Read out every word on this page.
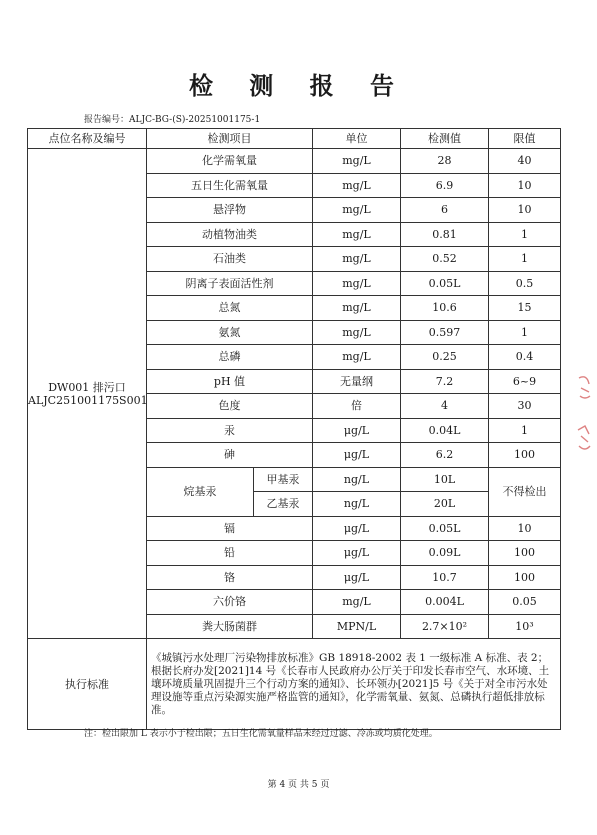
检 测 报 告
报告编号：ALJC-BG-(S)-20251001175-1
点位名称及编号	检测项目		单位	检测值	限值

DW001 排污口
ALJC251001175S001	化学需氧量		mg/L	28	40
	五日生化需氧量		mg/L	6.9	10
	悬浮物		mg/L	6	10
	动植物油类		mg/L	0.81	1
	石油类		mg/L	0.52	1
	阴离子表面活性剂		mg/L	0.05L	0.5
	总氮		mg/L	10.6	15
	氨氮		mg/L	0.597	1
	总磷		mg/L	0.25	0.4
	pH 值		无量纲	7.2	6~9
	色度		倍	4	30
	汞		μg/L	0.04L	1
	砷		μg/L	6.2	100
	烷基汞	甲基汞	ng/L	10L	不得检出
		乙基汞	ng/L	20L	
	镉		μg/L	0.05L	10
	铅		μg/L	0.09L	100
	铬		μg/L	10.7	100
	六价铬		mg/L	0.004L	0.05
	粪大肠菌群		MPN/L	2.7×10²	10³
执行标准	《城镇污水处理厂污染物排放标准》GB 18918-2002 表 1 一级标准 A 标准、表 2；根据长府办发[2021]14 号《长春市人民政府办公厅关于印发长春市空气、水环境、土壤环境质量巩固提升三个行动方案的通知》、长环领办[2021]5 号《关于对全市污水处理设施等重点污染源实施严格监管的通知》，化学需氧量、氨氮、总磷执行超低排放标准。				
注：检出限加 L 表示小于检出限；五日生化需氧量样品未经过过滤、冷冻或均质化处理。
第 4 页 共 5 页
